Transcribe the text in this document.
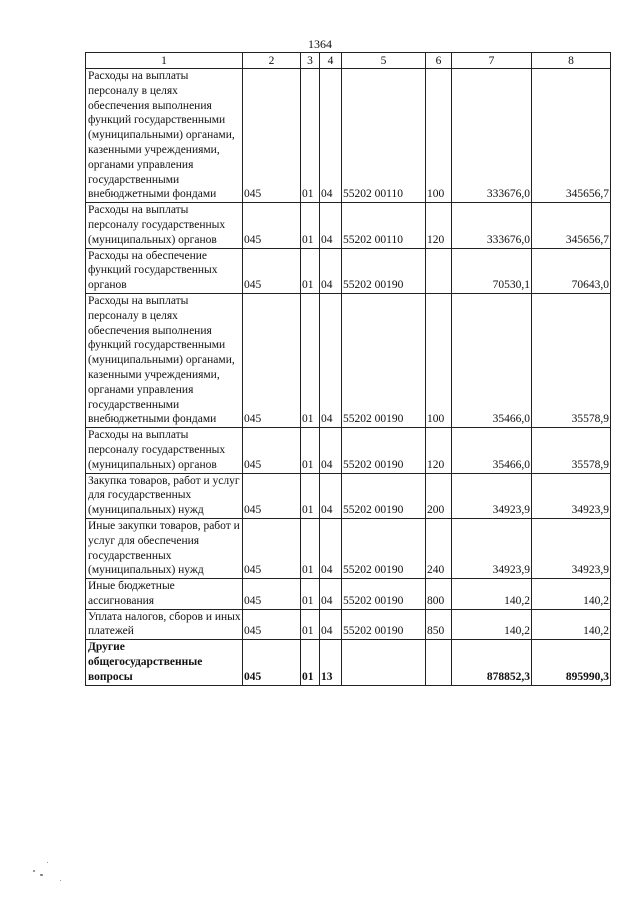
1364
1	2	3	4	5	6	7	8
Расходы на выплаты персоналу в целях обеспечения выполнения функций государственными (муниципальными) органами, казенными учреждениями, органами управления государственными внебюджетными фондами	045	01	04	55202 00110	100	333676,0	345656,7
Расходы на выплаты персоналу государственных (муниципальных) органов	045	01	04	55202 00110	120	333676,0	345656,7
Расходы на обеспечение функций государственных органов	045	01	04	55202 00190		70530,1	70643,0
Расходы на выплаты персоналу в целях обеспечения выполнения функций государственными (муниципальными) органами, казенными учреждениями, органами управления государственными внебюджетными фондами	045	01	04	55202 00190	100	35466,0	35578,9
Расходы на выплаты персоналу государственных (муниципальных) органов	045	01	04	55202 00190	120	35466,0	35578,9
Закупка товаров, работ и услуг для государственных (муниципальных) нужд	045	01	04	55202 00190	200	34923,9	34923,9
Иные закупки товаров, работ и услуг для обеспечения государственных (муниципальных) нужд	045	01	04	55202 00190	240	34923,9	34923,9
Иные бюджетные ассигнования	045	01	04	55202 00190	800	140,2	140,2
Уплата налогов, сборов и иных платежей	045	01	04	55202 00190	850	140,2	140,2
Другие общегосударственные вопросы	045	01	13			878852,3	895990,3
